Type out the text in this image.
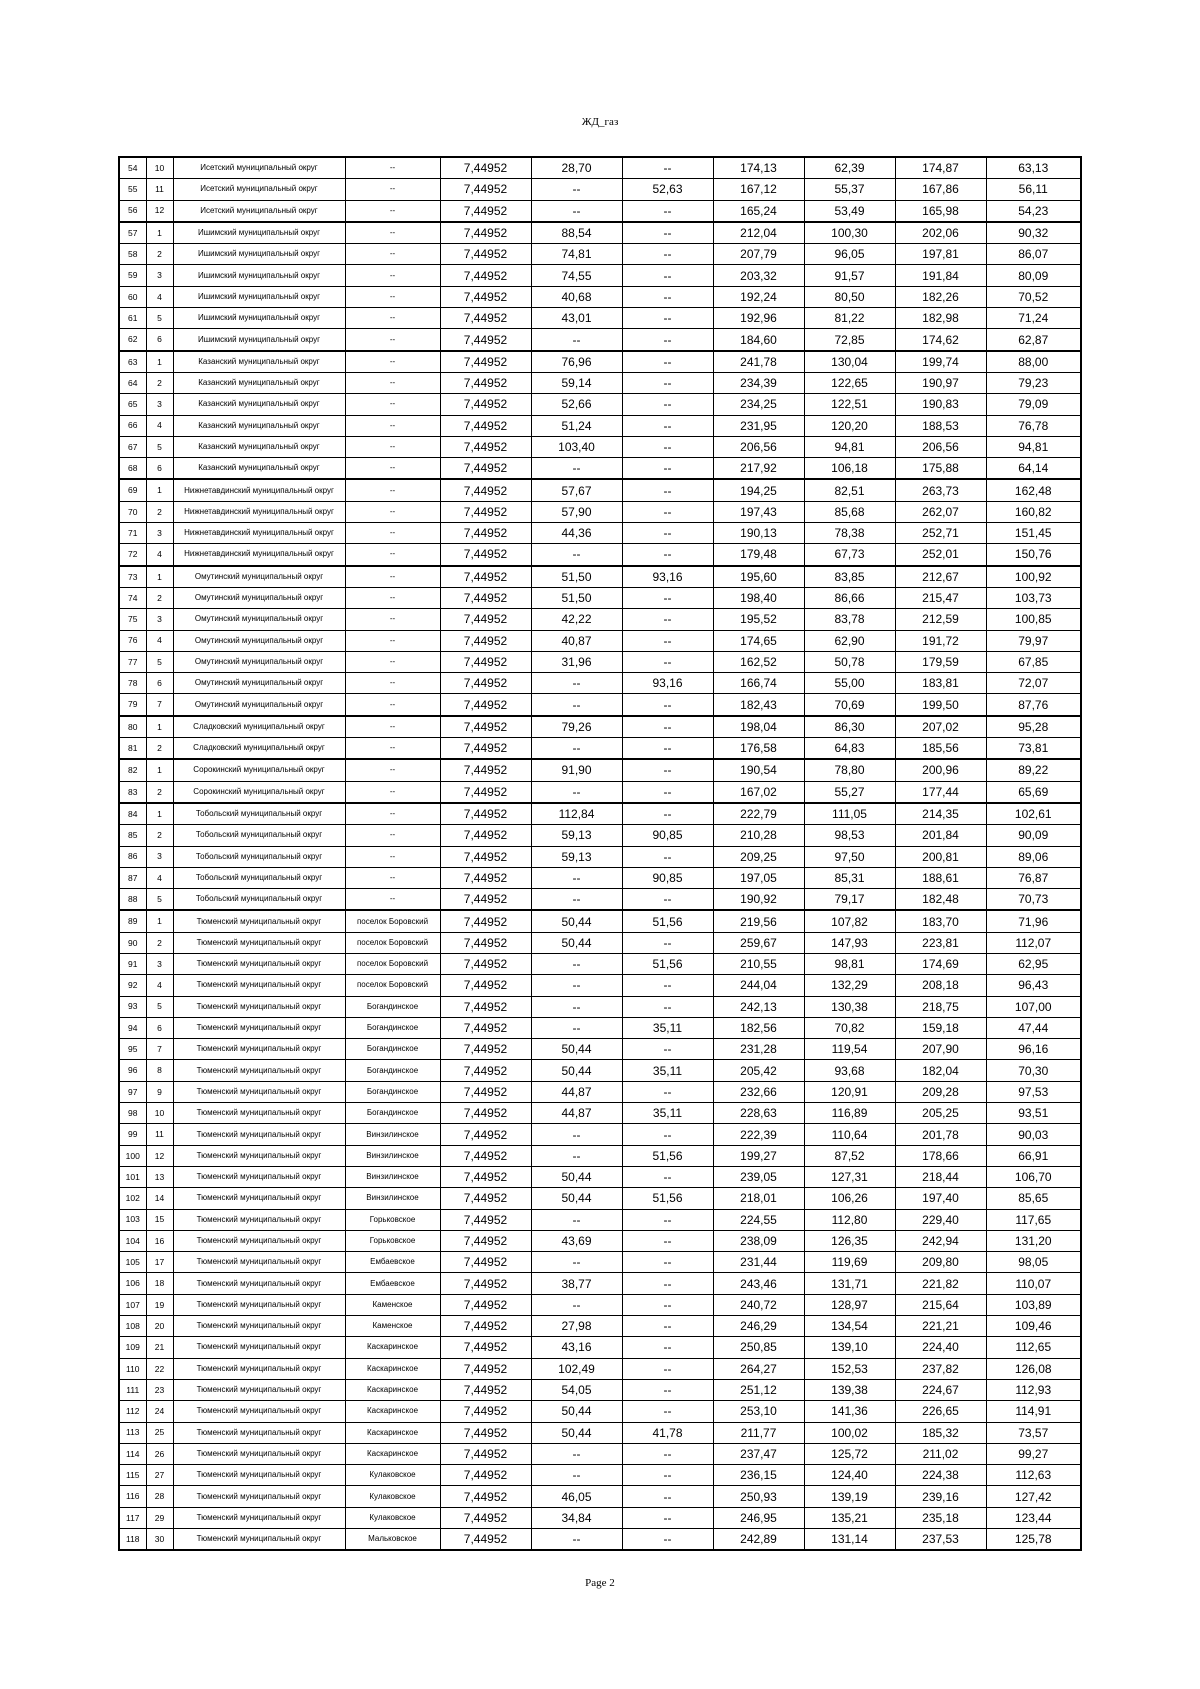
ЖД_газ
54	10	Исетский муниципальный округ	--	7,44952	28,70	--	174,13	62,39	174,87	63,13
55	11	Исетский муниципальный округ	--	7,44952	--	52,63	167,12	55,37	167,86	56,11
56	12	Исетский муниципальный округ	--	7,44952	--	--	165,24	53,49	165,98	54,23
57	1	Ишимский муниципальный округ	--	7,44952	88,54	--	212,04	100,30	202,06	90,32
58	2	Ишимский муниципальный округ	--	7,44952	74,81	--	207,79	96,05	197,81	86,07
59	3	Ишимский муниципальный округ	--	7,44952	74,55	--	203,32	91,57	191,84	80,09
60	4	Ишимский муниципальный округ	--	7,44952	40,68	--	192,24	80,50	182,26	70,52
61	5	Ишимский муниципальный округ	--	7,44952	43,01	--	192,96	81,22	182,98	71,24
62	6	Ишимский муниципальный округ	--	7,44952	--	--	184,60	72,85	174,62	62,87
63	1	Казанский муниципальный округ	--	7,44952	76,96	--	241,78	130,04	199,74	88,00
64	2	Казанский муниципальный округ	--	7,44952	59,14	--	234,39	122,65	190,97	79,23
65	3	Казанский муниципальный округ	--	7,44952	52,66	--	234,25	122,51	190,83	79,09
66	4	Казанский муниципальный округ	--	7,44952	51,24	--	231,95	120,20	188,53	76,78
67	5	Казанский муниципальный округ	--	7,44952	103,40	--	206,56	94,81	206,56	94,81
68	6	Казанский муниципальный округ	--	7,44952	--	--	217,92	106,18	175,88	64,14
69	1	Нижнетавдинский муниципальный округ	--	7,44952	57,67	--	194,25	82,51	263,73	162,48
70	2	Нижнетавдинский муниципальный округ	--	7,44952	57,90	--	197,43	85,68	262,07	160,82
71	3	Нижнетавдинский муниципальный округ	--	7,44952	44,36	--	190,13	78,38	252,71	151,45
72	4	Нижнетавдинский муниципальный округ	--	7,44952	--	--	179,48	67,73	252,01	150,76
73	1	Омутинский муниципальный округ	--	7,44952	51,50	93,16	195,60	83,85	212,67	100,92
74	2	Омутинский муниципальный округ	--	7,44952	51,50	--	198,40	86,66	215,47	103,73
75	3	Омутинский муниципальный округ	--	7,44952	42,22	--	195,52	83,78	212,59	100,85
76	4	Омутинский муниципальный округ	--	7,44952	40,87	--	174,65	62,90	191,72	79,97
77	5	Омутинский муниципальный округ	--	7,44952	31,96	--	162,52	50,78	179,59	67,85
78	6	Омутинский муниципальный округ	--	7,44952	--	93,16	166,74	55,00	183,81	72,07
79	7	Омутинский муниципальный округ	--	7,44952	--	--	182,43	70,69	199,50	87,76
80	1	Сладковский муниципальный округ	--	7,44952	79,26	--	198,04	86,30	207,02	95,28
81	2	Сладковский муниципальный округ	--	7,44952	--	--	176,58	64,83	185,56	73,81
82	1	Сорокинский муниципальный округ	--	7,44952	91,90	--	190,54	78,80	200,96	89,22
83	2	Сорокинский муниципальный округ	--	7,44952	--	--	167,02	55,27	177,44	65,69
84	1	Тобольский муниципальный округ	--	7,44952	112,84	--	222,79	111,05	214,35	102,61
85	2	Тобольский муниципальный округ	--	7,44952	59,13	90,85	210,28	98,53	201,84	90,09
86	3	Тобольский муниципальный округ	--	7,44952	59,13	--	209,25	97,50	200,81	89,06
87	4	Тобольский муниципальный округ	--	7,44952	--	90,85	197,05	85,31	188,61	76,87
88	5	Тобольский муниципальный округ	--	7,44952	--	--	190,92	79,17	182,48	70,73
89	1	Тюменский муниципальный округ	поселок Боровский	7,44952	50,44	51,56	219,56	107,82	183,70	71,96
90	2	Тюменский муниципальный округ	поселок Боровский	7,44952	50,44	--	259,67	147,93	223,81	112,07
91	3	Тюменский муниципальный округ	поселок Боровский	7,44952	--	51,56	210,55	98,81	174,69	62,95
92	4	Тюменский муниципальный округ	поселок Боровский	7,44952	--	--	244,04	132,29	208,18	96,43
93	5	Тюменский муниципальный округ	Богандинское	7,44952	--	--	242,13	130,38	218,75	107,00
94	6	Тюменский муниципальный округ	Богандинское	7,44952	--	35,11	182,56	70,82	159,18	47,44
95	7	Тюменский муниципальный округ	Богандинское	7,44952	50,44	--	231,28	119,54	207,90	96,16
96	8	Тюменский муниципальный округ	Богандинское	7,44952	50,44	35,11	205,42	93,68	182,04	70,30
97	9	Тюменский муниципальный округ	Богандинское	7,44952	44,87	--	232,66	120,91	209,28	97,53
98	10	Тюменский муниципальный округ	Богандинское	7,44952	44,87	35,11	228,63	116,89	205,25	93,51
99	11	Тюменский муниципальный округ	Винзилинское	7,44952	--	--	222,39	110,64	201,78	90,03
100	12	Тюменский муниципальный округ	Винзилинское	7,44952	--	51,56	199,27	87,52	178,66	66,91
101	13	Тюменский муниципальный округ	Винзилинское	7,44952	50,44	--	239,05	127,31	218,44	106,70
102	14	Тюменский муниципальный округ	Винзилинское	7,44952	50,44	51,56	218,01	106,26	197,40	85,65
103	15	Тюменский муниципальный округ	Горьковское	7,44952	--	--	224,55	112,80	229,40	117,65
104	16	Тюменский муниципальный округ	Горьковское	7,44952	43,69	--	238,09	126,35	242,94	131,20
105	17	Тюменский муниципальный округ	Ембаевское	7,44952	--	--	231,44	119,69	209,80	98,05
106	18	Тюменский муниципальный округ	Ембаевское	7,44952	38,77	--	243,46	131,71	221,82	110,07
107	19	Тюменский муниципальный округ	Каменское	7,44952	--	--	240,72	128,97	215,64	103,89
108	20	Тюменский муниципальный округ	Каменское	7,44952	27,98	--	246,29	134,54	221,21	109,46
109	21	Тюменский муниципальный округ	Каскаринское	7,44952	43,16	--	250,85	139,10	224,40	112,65
110	22	Тюменский муниципальный округ	Каскаринское	7,44952	102,49	--	264,27	152,53	237,82	126,08
111	23	Тюменский муниципальный округ	Каскаринское	7,44952	54,05	--	251,12	139,38	224,67	112,93
112	24	Тюменский муниципальный округ	Каскаринское	7,44952	50,44	--	253,10	141,36	226,65	114,91
113	25	Тюменский муниципальный округ	Каскаринское	7,44952	50,44	41,78	211,77	100,02	185,32	73,57
114	26	Тюменский муниципальный округ	Каскаринское	7,44952	--	--	237,47	125,72	211,02	99,27
115	27	Тюменский муниципальный округ	Кулаковское	7,44952	--	--	236,15	124,40	224,38	112,63
116	28	Тюменский муниципальный округ	Кулаковское	7,44952	46,05	--	250,93	139,19	239,16	127,42
117	29	Тюменский муниципальный округ	Кулаковское	7,44952	34,84	--	246,95	135,21	235,18	123,44
118	30	Тюменский муниципальный округ	Мальковское	7,44952	--	--	242,89	131,14	237,53	125,78
Page 2
